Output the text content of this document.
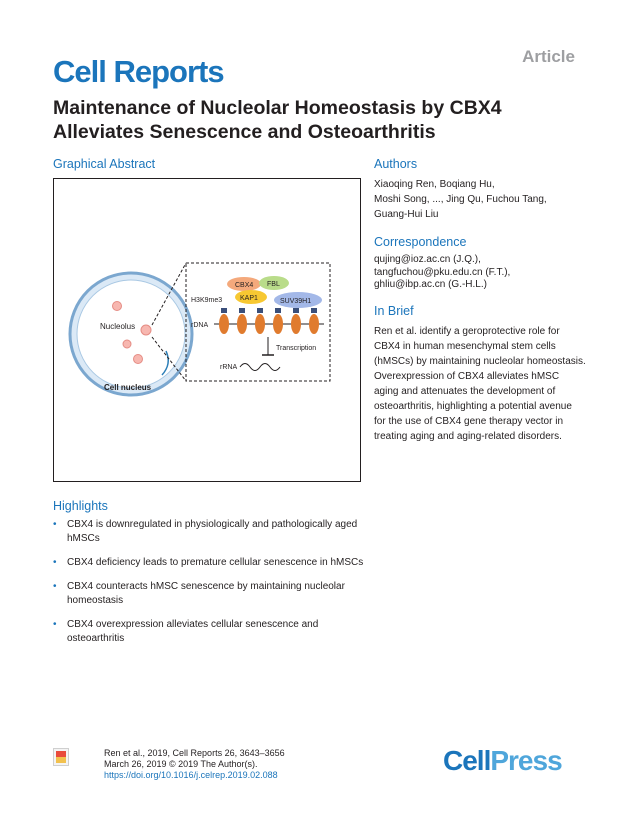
Article
Cell Reports
Maintenance of Nucleolar Homeostasis by CBX4 Alleviates Senescence and Osteoarthritis
Graphical Abstract
Nucleolus
Cell nucleus
CBX4 FBL
KAP1	SUV39H1
H3K9me3
rDNA
Transcription
rRNA
Authors
Xiaoqing Ren, Boqiang Hu,
Moshi Song, ..., Jing Qu, Fuchou Tang,
Guang-Hui Liu
Correspondence
qujing@ioz.ac.cn (J.Q.),
tangfuchou@pku.edu.cn (F.T.),
ghliu@ibp.ac.cn (G.-H.L.)
In Brief
Ren et al. identify a geroprotective role for CBX4 in human mesenchymal stem cells (hMSCs) by maintaining nucleolar homeostasis. Overexpression of CBX4 alleviates hMSC aging and attenuates the development of osteoarthritis, highlighting a potential avenue for the use of CBX4 gene therapy vector in treating aging and aging-related disorders.
Highlights
• CBX4 is downregulated in physiologically and pathologically aged hMSCs
• CBX4 deficiency leads to premature cellular senescence in hMSCs
• CBX4 counteracts hMSC senescence by maintaining nucleolar homeostasis
• CBX4 overexpression alleviates cellular senescence and osteoarthritis
Ren et al., 2019, Cell Reports 26, 3643–3656
March 26, 2019 © 2019 The Author(s).
https://doi.org/10.1016/j.celrep.2019.02.088	CellPress
